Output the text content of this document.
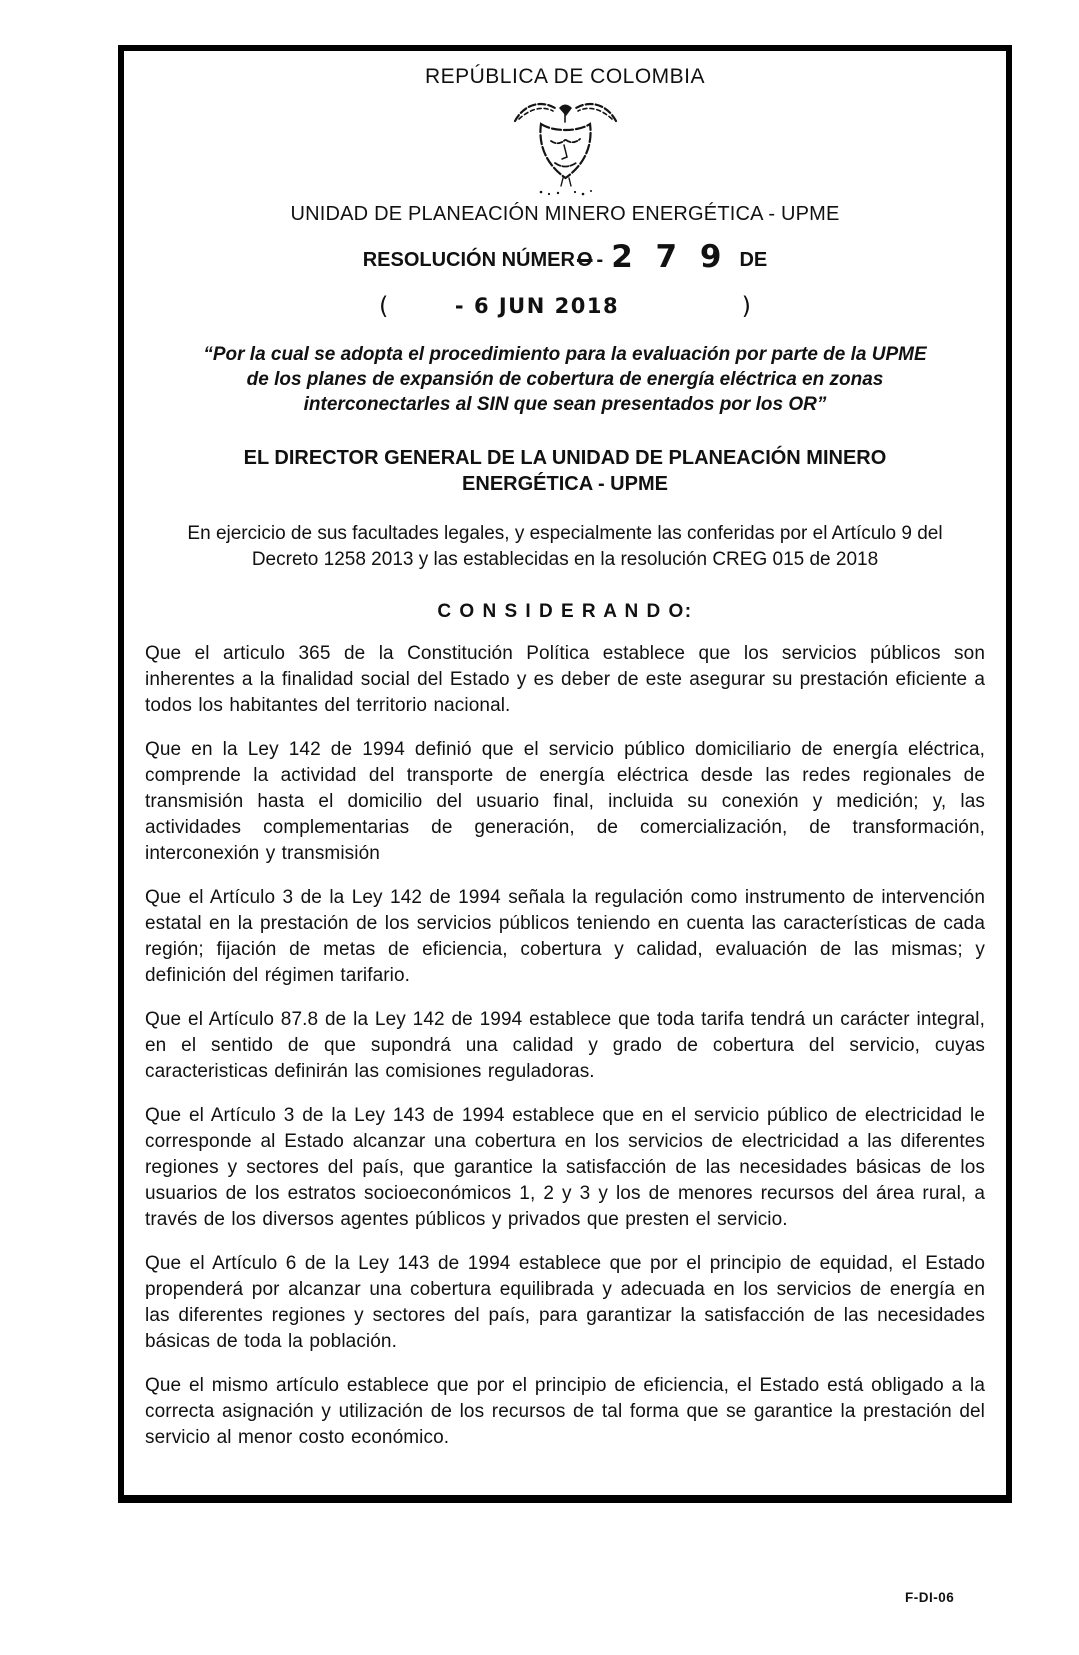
REPÚBLICA DE COLOMBIA
UNIDAD DE PLANEACIÓN MINERO ENERGÉTICA - UPME
RESOLUCIÓN NÚMER O - 2 7 9 DE
(	- 6 JUN 2018	)
“Por la cual se adopta el procedimiento para la evaluación por parte de la UPME de los planes de expansión de cobertura de energía eléctrica en zonas interconectarles al SIN que sean presentados por los OR”
EL DIRECTOR GENERAL DE LA UNIDAD DE PLANEACIÓN MINERO ENERGÉTICA - UPME
En ejercicio de sus facultades legales, y especialmente las conferidas por el Artículo 9 del Decreto 1258 2013 y las establecidas en la resolución CREG 015 de 2018
C O N S I D E R A N D O:

Que el articulo 365 de la Constitución Política establece que los servicios públicos son inherentes a la finalidad social del Estado y es deber de este asegurar su prestación eficiente a todos los habitantes del territorio nacional.

Que en la Ley 142 de 1994 definió que el servicio público domiciliario de energía eléctrica, comprende la actividad del transporte de energía eléctrica desde las redes regionales de transmisión hasta el domicilio del usuario final, incluida su conexión y medición; y, las actividades complementarias de generación, de comercialización, de transformación, interconexión y transmisión

Que el Artículo 3 de la Ley 142 de 1994 señala la regulación como instrumento de intervención estatal en la prestación de los servicios públicos teniendo en cuenta las características de cada región; fijación de metas de eficiencia, cobertura y calidad, evaluación de las mismas; y definición del régimen tarifario.

Que el Artículo 87.8 de la Ley 142 de 1994 establece que toda tarifa tendrá un carácter integral, en el sentido de que supondrá una calidad y grado de cobertura del servicio, cuyas caracteristicas definirán las comisiones reguladoras.

Que el Artículo 3 de la Ley 143 de 1994 establece que en el servicio público de electricidad le corresponde al Estado alcanzar una cobertura en los servicios de electricidad a las diferentes regiones y sectores del país, que garantice la satisfacción de las necesidades básicas de los usuarios de los estratos socioeconómicos 1, 2 y 3 y los de menores recursos del área rural, a través de los diversos agentes públicos y privados que presten el servicio.

Que el Artículo 6 de la Ley 143 de 1994 establece que por el principio de equidad, el Estado propenderá por alcanzar una cobertura equilibrada y adecuada en los servicios de energía en las diferentes regiones y sectores del país, para garantizar la satisfacción de las necesidades básicas de toda la población.

Que el mismo artículo establece que por el principio de eficiencia, el Estado está obligado a la correcta asignación y utilización de los recursos de tal forma que se garantice la prestación del servicio al menor costo económico.

F-DI-06
